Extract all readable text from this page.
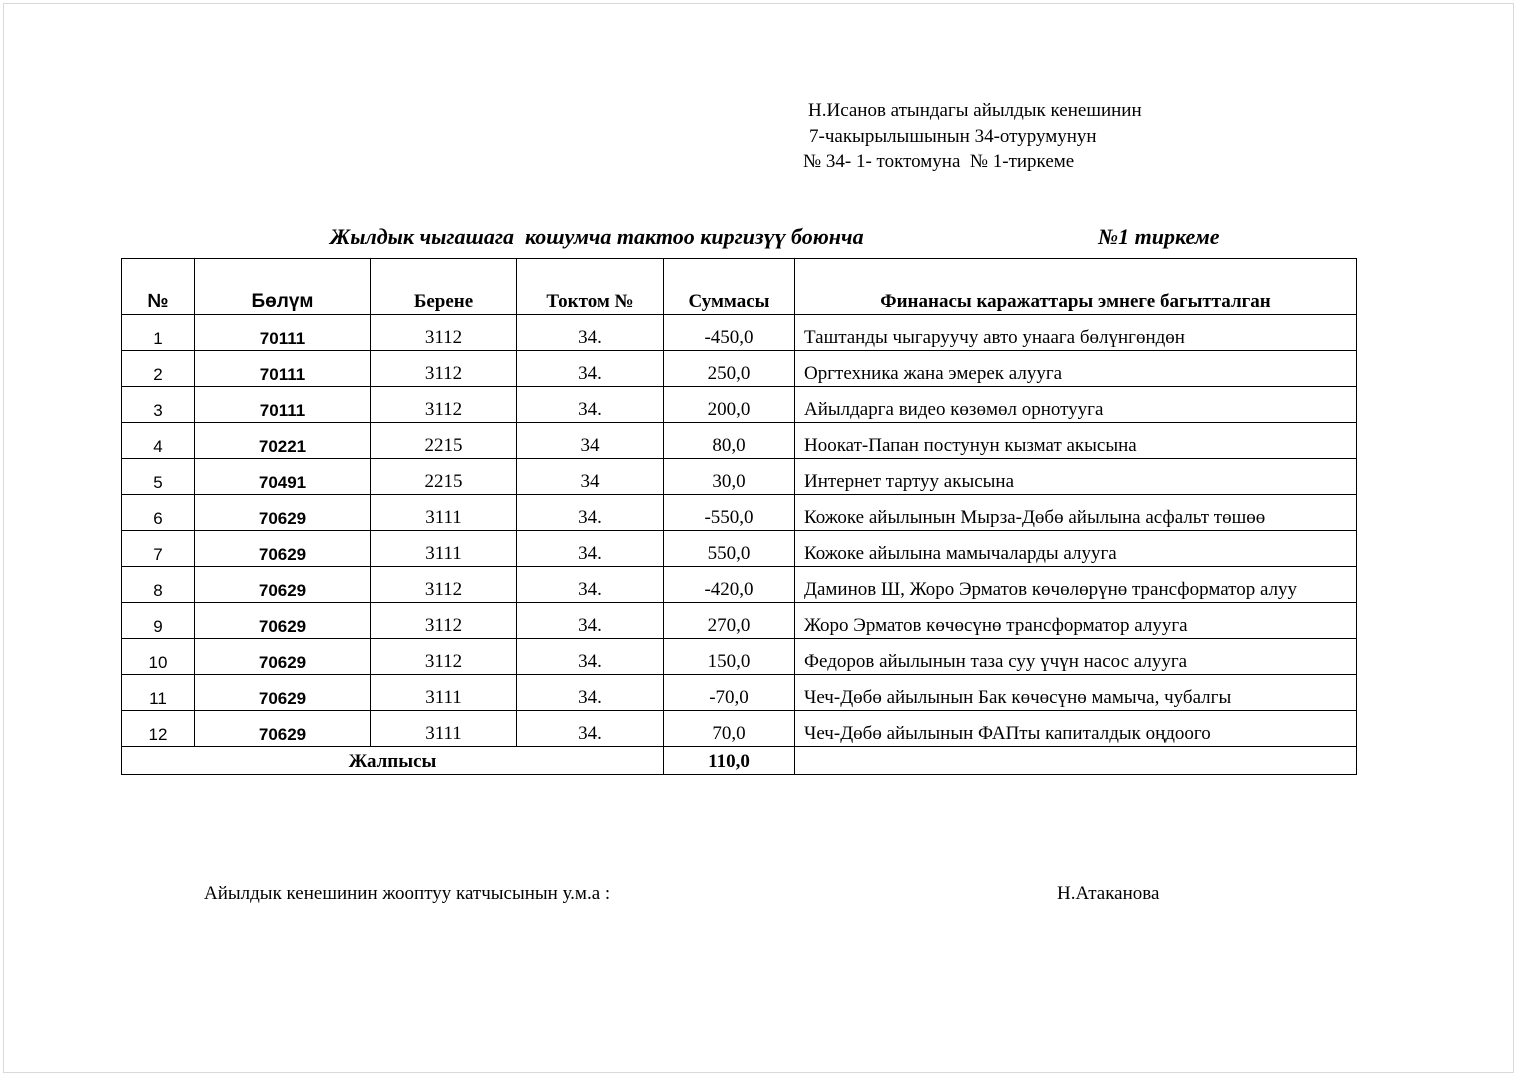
Н.Исанов атындагы айылдык кенешинин
7-чакырылышынын 34-отурумунун
№ 34- 1- токтомуна  № 1-тиркеме
Жылдык чыгашага  кошумча тактоо киргизүү боюнча	№1 тиркеме
№	Бөлүм	Берене	Токтом №	Суммасы	Финанасы каражаттары эмнеге багытталган
1	70111	3112	34.	-450,0	Таштанды чыгаруучу авто унаага бөлүнгөндөн
2	70111	3112	34.	250,0	Оргтехника жана эмерек алууга
3	70111	3112	34.	200,0	Айылдарга видео көзөмөл орнотууга
4	70221	2215	34	80,0	Ноокат-Папан постунун кызмат акысына
5	70491	2215	34	30,0	Интернет тартуу акысына
6	70629	3111	34.	-550,0	Кожоке айылынын Мырза-Дөбө айылына асфальт төшөө
7	70629	3111	34.	550,0	Кожоке айылына мамычаларды алууга
8	70629	3112	34.	-420,0	Даминов Ш, Жоро Эрматов көчөлөрүнө трансформатор алуу
9	70629	3112	34.	270,0	Жоро Эрматов көчөсүнө трансформатор алууга
10	70629	3112	34.	150,0	Федоров айылынын таза суу үчүн насос алууга
11	70629	3111	34.	-70,0	Чеч-Дөбө айылынын Бак көчөсүнө мамыча, чубалгы
12	70629	3111	34.	70,0	Чеч-Дөбө айылынын ФАПты капиталдык оңдоого
Жалпысы				110,0	
Айылдык кенешинин жооптуу катчысынын у.м.а :	Н.Атаканова
